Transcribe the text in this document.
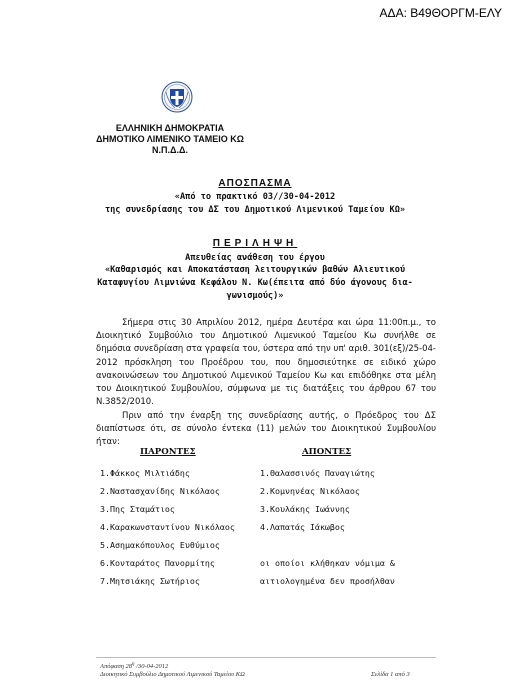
ΑΔΑ: Β49ΘΟΡΓΜ-ΕΛΥ
ΕΛΛΗΝΙΚΗ ΔΗΜΟΚΡΑΤΙΑ
ΔΗΜΟΤΙΚΟ ΛΙΜΕΝΙΚΟ ΤΑΜΕΙΟ ΚΩ
Ν.Π.Δ.Δ.
ΑΠΟΣΠΑΣΜΑ
«Από το πρακτικό 03//30-04-2012
της συνεδρίασης του ΔΣ του Δημοτικού Λιμενικού Ταμείου ΚΩ»
ΠΕΡΙΛΗΨΗ
Απευθείας ανάθεση του έργου
«Καθαρισμός και Αποκατάσταση λειτουργικών βαθών Αλιευτικού
Καταφυγίου Λιμνιώνα Κεφάλου Ν. Κω(έπειτα από δύο άγονους δια-
γωνισμούς)»
Σήμερα στις 30 Απριλίου 2012, ημέρα Δευτέρα και ώρα 11:00π.μ., το Διοικητικό Συμβούλιο του Δημοτικού Λιμενικού Ταμείου Κω συνήλθε σε δημόσια συνεδρίαση στα γραφεία του, ύστερα από την υπ' αριθ. 301(εξ)/25-04-2012 πρόσκληση του Προέδρου του, που δημοσιεύτηκε σε ειδικό χώρο ανακοινώσεων του Δημοτικού Λιμενικού Ταμείου Κω και επιδόθηκε στα μέλη του Διοικητικού Συμβουλίου, σύμφωνα με τις διατάξεις του άρθρου 67 του Ν.3852/2010.
Πριν από την έναρξη της συνεδρίασης αυτής, ο Πρόεδρος του ΔΣ διαπίστωσε ότι, σε σύνολο έντεκα (11) μελών του Διοικητικού Συμβουλίου ήταν:
ΠΑΡΟΝΤΕΣ	ΑΠΟΝΤΕΣ
1.Φάκκος Μιλτιάδης
2.Ναστασχανίδης Νικόλαος
3.Πης Σταμάτιος
4.Καρακωνσταντίνου Νικόλαος
5.Ασημακόπουλος Ευθύμιος
6.Κονταράτος Πανορμίτης
7.Μητσιάκης Σωτήριος
1.Θαλασσινός Παναγιώτης
2.Κομνηνέας Νικόλαος
3.Κουλάκης Ιωάννης
4.Λαπατάς Ιάκωβος
οι οποίοι κλήθηκαν νόμιμα &
αιτιολογημένα δεν προσήλθαν
Απόφαση $28^\eta$ /30-04-2012
Διοικητικό Συμβούλιο Δημοτικού Λιμενικού Ταμείου ΚΩ	Σελίδα 1 από 3
